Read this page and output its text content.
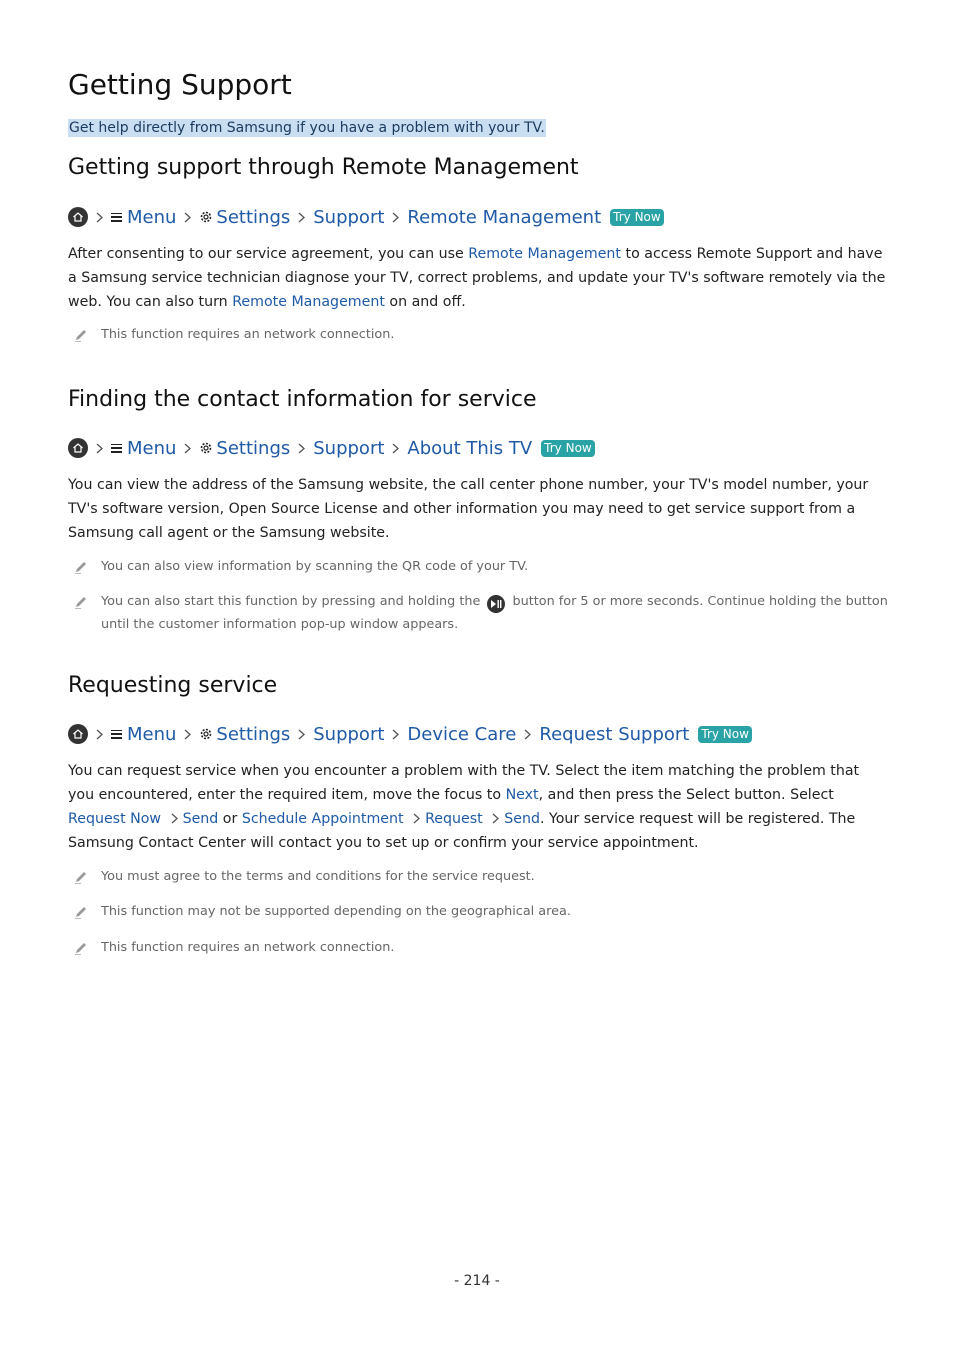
Getting Support
Get help directly from Samsung if you have a problem with your TV.
Getting support through Remote Management
Menu Settings Support Remote Management Try Now

After consenting to our service agreement, you can use Remote Management to access Remote Support and have a Samsung service technician diagnose your TV, correct problems, and update your TV's software remotely via the web. You can also turn Remote Management on and off.

This function requires an network connection.
Finding the contact information for service
Menu Settings Support About This TV Try Now

You can view the address of the Samsung website, the call center phone number, your TV's model number, your TV's software version, Open Source License and other information you may need to get service support from a Samsung call agent or the Samsung website.

You can also view information by scanning the QR code of your TV.
You can also start this function by pressing and holding the
button for 5 or more seconds. Continue holding the button until the customer information pop-up window appears.
Requesting service
Menu Settings Support Device Care Request Support Try Now

You can request service when you encounter a problem with the TV. Select the item matching the problem that you encountered, enter the required item, move the focus to Next, and then press the Select button. Select Request Now Send or Schedule Appointment Request Send. Your service request will be registered. The Samsung Contact Center will contact you to set up or confirm your service appointment.

You must agree to the terms and conditions for the service request.
This function may not be supported depending on the geographical area.
This function requires an network connection.
- 214 -
